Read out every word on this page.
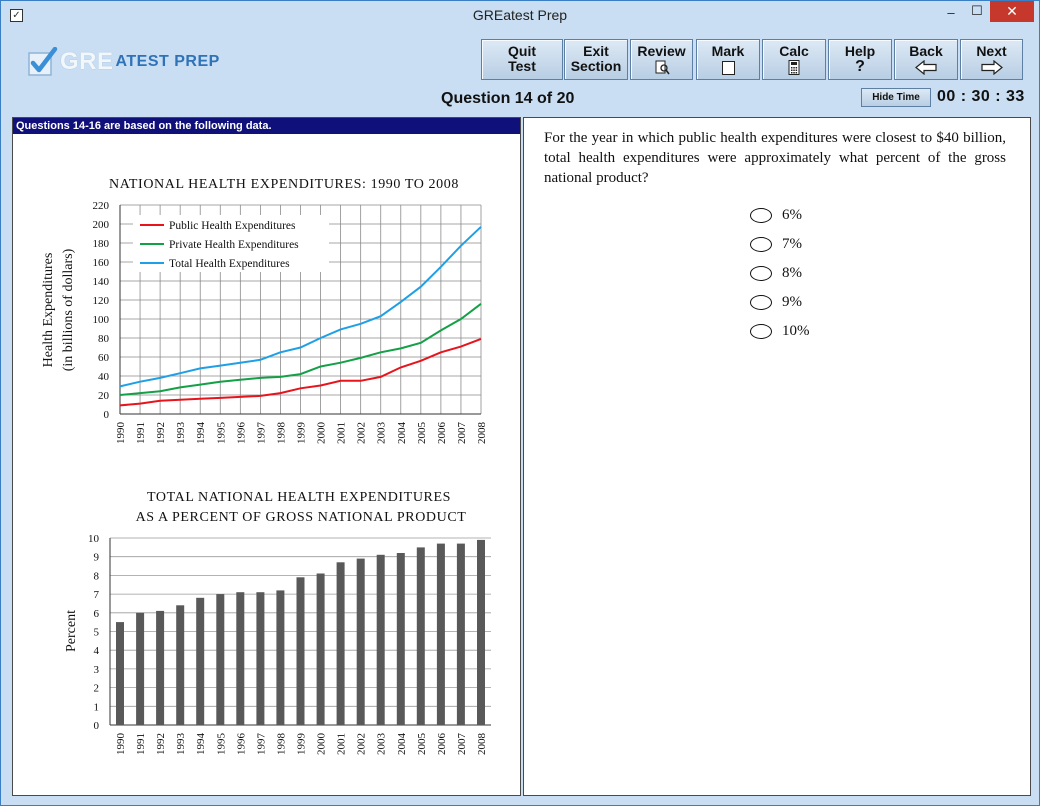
✓	GREatest Prep	–	☐	✕
GRE ATEST PREP
Quit
Test
Exit
Section
Review	Mark	Calc	Help
?
Back	Next
Question 14 of 20	Hide Time	00 : 30 : 33
Questions 14-16 are based on the following data.
NATIONAL HEALTH EXPENDITURES: 1990 TO 2008
0
20
40
60
80
100
120
140
160
180
200
220
1990 1991 1992 1993 1994 1995 1996 1997 1998 1999 2000 2001 2002 2003 2004 2005 2006 2007 2008
Health Expenditures (in billions of dollars)
Public Health Expenditures
Private Health Expenditures
Total Health Expenditures
TOTAL NATIONAL HEALTH EXPENDITURES
AS A PERCENT OF GROSS NATIONAL PRODUCT
0
1
2
3
4
5
6
7
8
9
10
Percent
1990 1991 1992 1993 1994 1995 1996 1997 1998 1999 2000 2001 2002 2003 2004 2005 2006 2007 2008
For the year in which public health expenditures were closest to $40 billion, total health expenditures were approximately what percent of the gross national product?
6%
7%
8%
9%
10%
